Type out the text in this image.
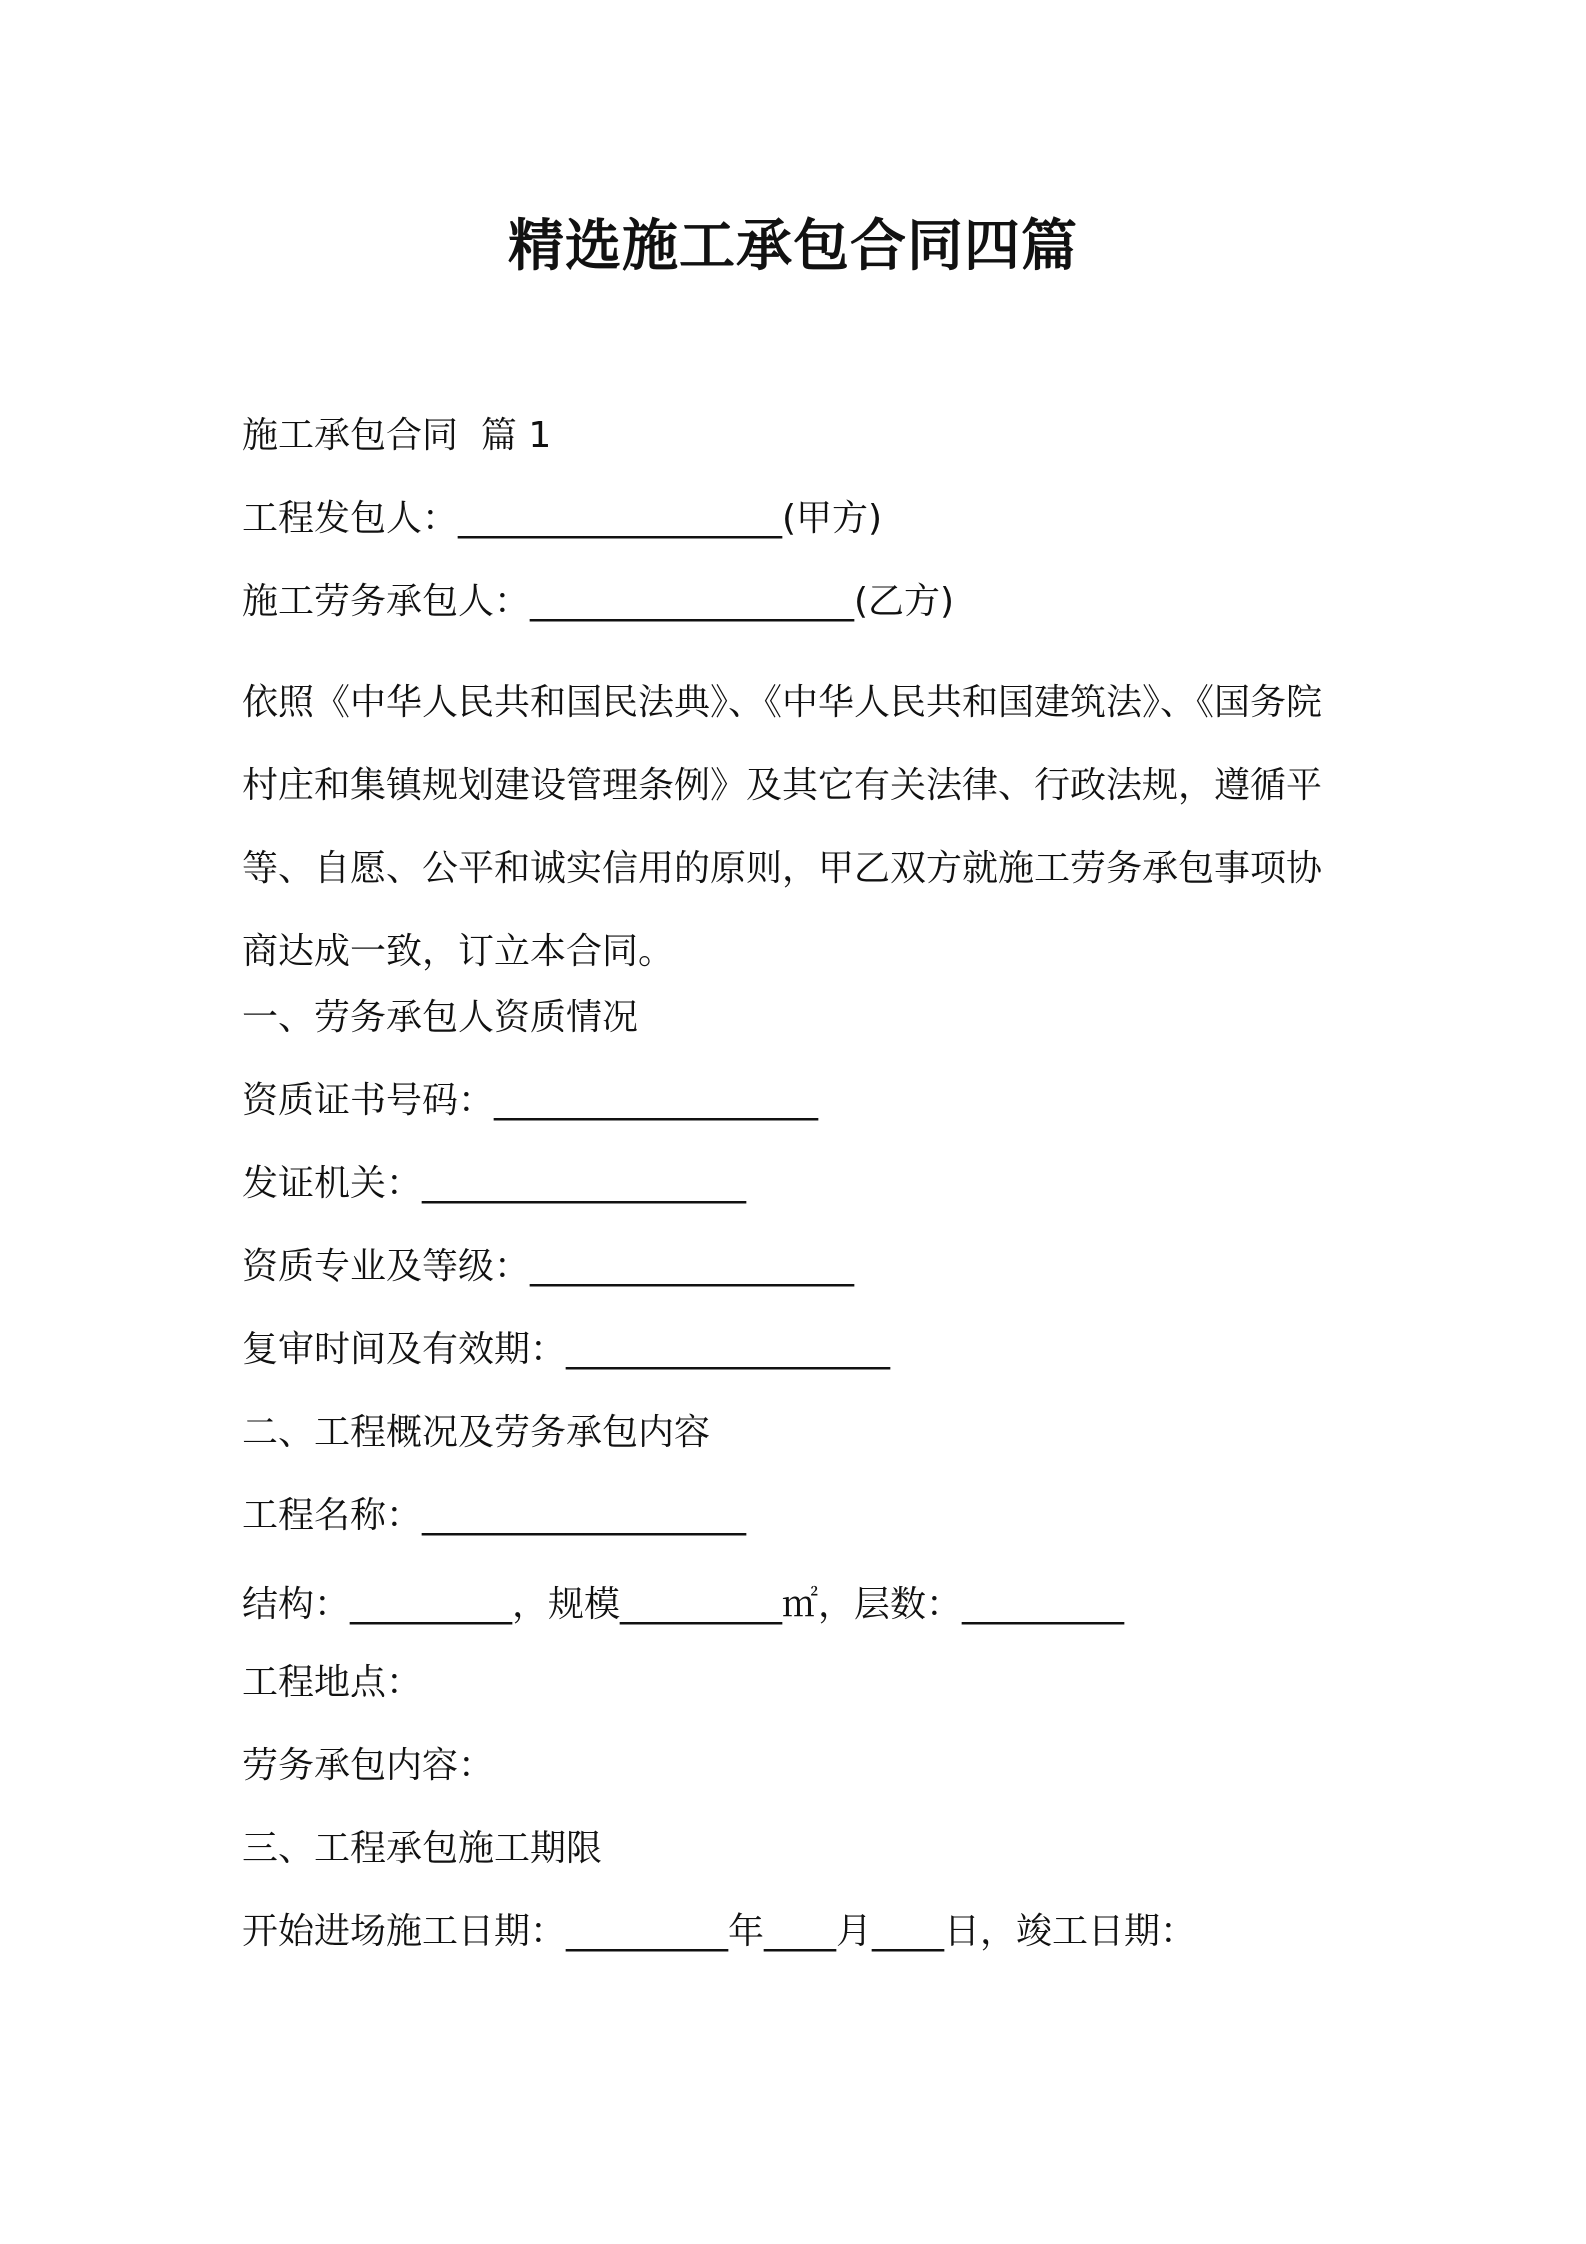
精选施工承包合同四篇

施工承包合同  篇 1

工程发包人：__________________(甲方)

施工劳务承包人：__________________(乙方)

依照《中华人民共和国民法典》、《中华人民共和国建筑法》、《国务院
村庄和集镇规划建设管理条例》及其它有关法律、行政法规，遵循平
等、自愿、公平和诚实信用的原则，甲乙双方就施工劳务承包事项协
商达成一致，订立本合同。

一、劳务承包人资质情况

资质证书号码：__________________

发证机关：__________________

资质专业及等级：__________________

复审时间及有效期：__________________

二、工程概况及劳务承包内容

工程名称：__________________

结构：_________，规模_________㎡，层数：_________

工程地点：

劳务承包内容：

三、工程承包施工期限

开始进场施工日期：_________年____月____日，竣工日期：
